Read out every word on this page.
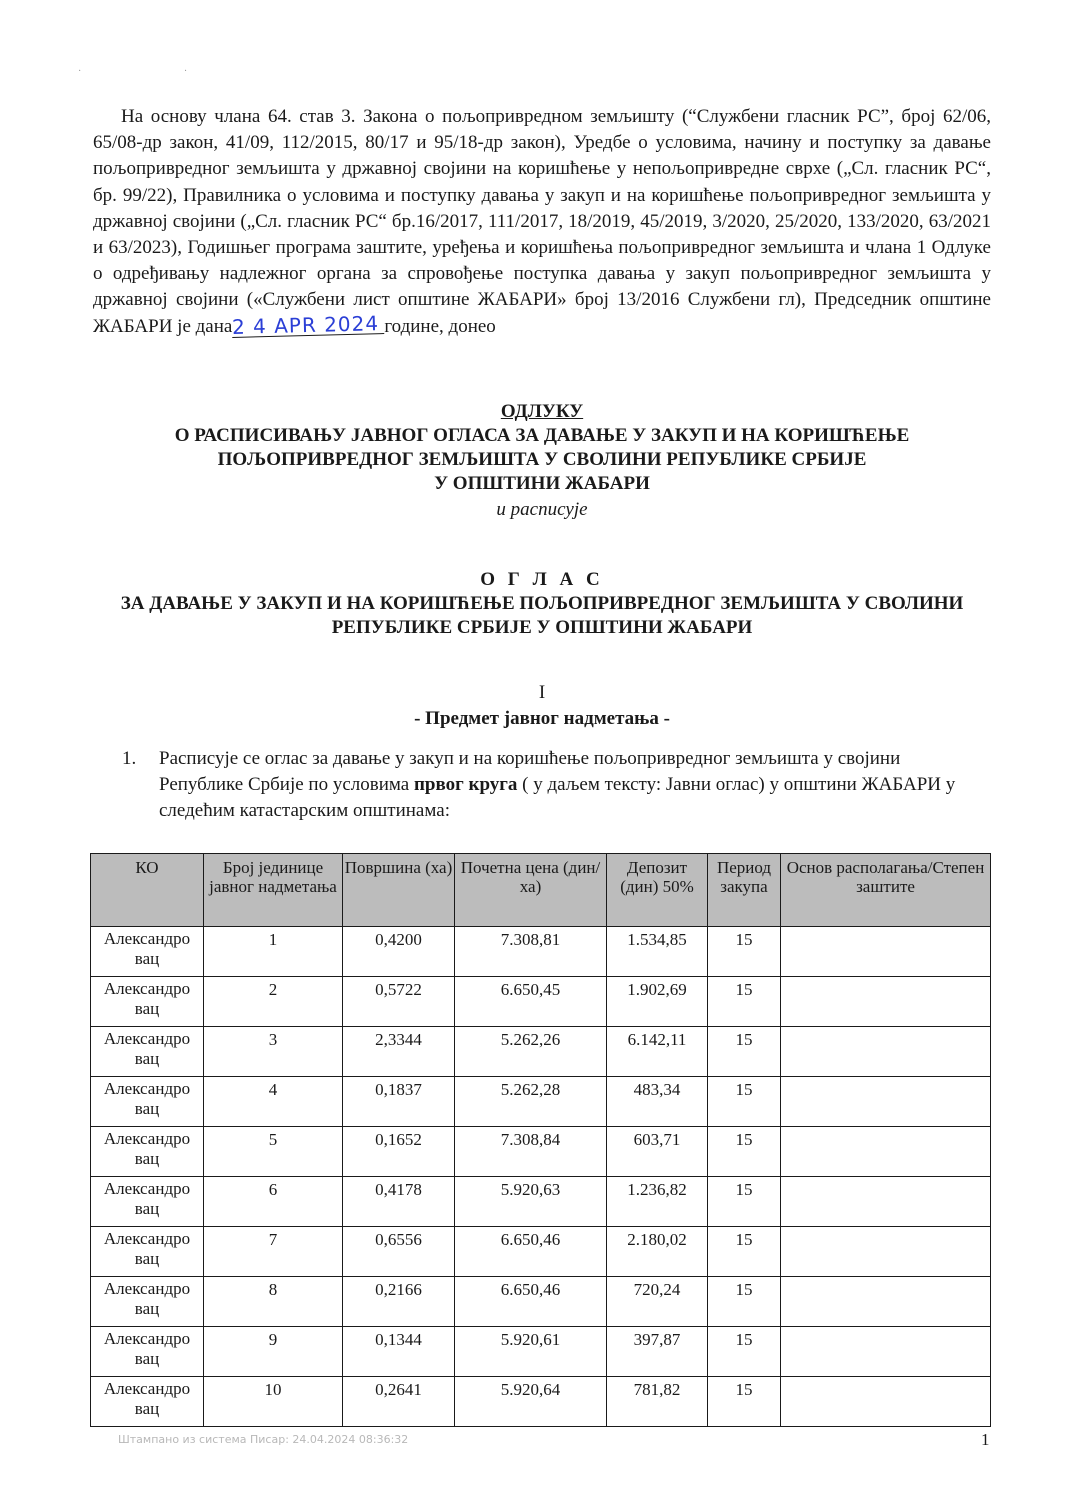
· ·
На основу члана 64. став 3. Закона о пољопривредном земљишту (“Службени гласник РС”, број 62/06, 65/08-др закон, 41/09, 112/2015, 80/17 и 95/18-др закон), Уредбе о условима, начину и поступку за давање пољопривредног земљишта у државној својини на коришћење у непољопривредне сврхе („Сл. гласник РС“, бр. 99/22), Правилника о условима и поступку давања у закуп и на коришћење пољопривредног земљишта у државној својини („Сл. гласник РС“ бр.16/2017, 111/2017, 18/2019, 45/2019, 3/2020, 25/2020, 133/2020, 63/2021 и 63/2023), Годишњег програма заштите, уређења и коришћења пољопривредног земљишта и члана 1 Одлуке о одређивању надлежног органа за спровођење поступка давања у закуп пољопривредног земљишта у државној својини («Службени лист општине ЖАБАРИ» број 13/2016 Службени гл), Председник општине ЖАБАРИ је дана2 4 APR 2024 године, донео
ОДЛУКУ
О РАСПИСИВАЊУ ЈАВНОГ ОГЛАСА ЗА ДАВАЊЕ У ЗАКУП И НА КОРИШЋЕЊЕ
ПОЉОПРИВРЕДНОГ ЗЕМЉИШТА У СВОЛИНИ РЕПУБЛИКЕ СРБИЈЕ
У ОПШТИНИ ЖАБАРИ
и расписује
О Г Л А С
ЗА ДАВАЊЕ У ЗАКУП И НА КОРИШЋЕЊЕ ПОЉОПРИВРЕДНОГ ЗЕМЉИШТА У СВОЛИНИ
РЕПУБЛИКЕ СРБИЈЕ У ОПШТИНИ ЖАБАРИ
I
- Предмет јавног надметања -
1. Расписује се оглас за давање у закуп и на коришћење пољопривредног земљишта у својини Републике Србије по условима првог круга ( у даљем тексту: Јавни оглас) у општини ЖАБАРИ у следећим катастарским општинама:
КО	Број јединице јавног надметања	Површина (ха)	Почетна цена (дин/ха)	Депозит (дин) 50%	Период закупа	Основ располагања/Степен заштите
Александро вац	1	0,4200	7.308,81	1.534,85	15	
Александро вац	2	0,5722	6.650,45	1.902,69	15	
Александро вац	3	2,3344	5.262,26	6.142,11	15	
Александро вац	4	0,1837	5.262,28	483,34	15	
Александро вац	5	0,1652	7.308,84	603,71	15	
Александро вац	6	0,4178	5.920,63	1.236,82	15	
Александро вац	7	0,6556	6.650,46	2.180,02	15	
Александро вац	8	0,2166	6.650,46	720,24	15	
Александро вац	9	0,1344	5.920,61	397,87	15	
Александро вац	10	0,2641	5.920,64	781,82	15	
Штампано из система Писар: 24.04.2024 08:36:32	1
